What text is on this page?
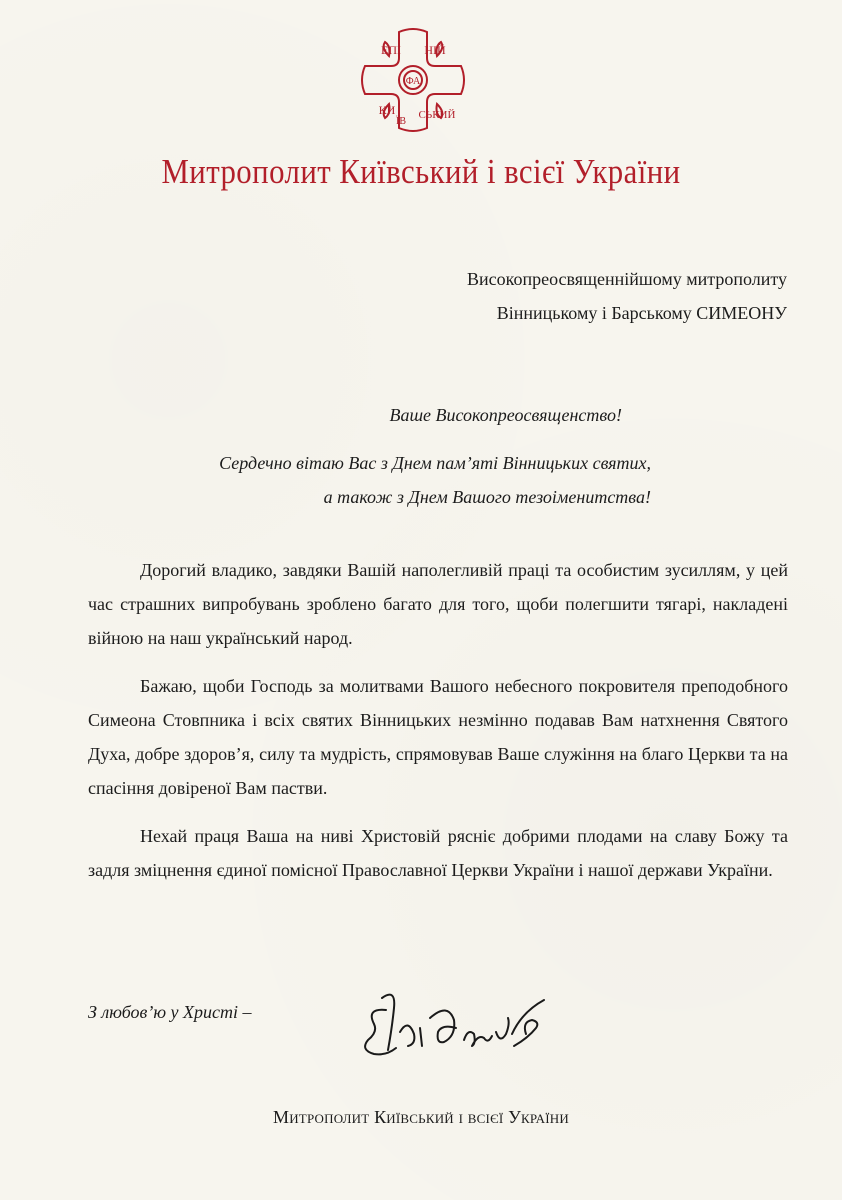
ЕПІ НІЙ
ФА
КИ
ЇВ
СЬКИЙ
Митрополит Київський і всієї України
Високопреосвященнійшому митрополиту
Вінницькому і Барському СИМЕОНУ
Ваше Високопреосвященство!
Сердечно вітаю Вас з Днем пам’яті Вінницьких святих,
а також з Днем Вашого тезоіменитства!

Дорогий владико, завдяки Вашій наполегливій праці та особистим зусиллям, у цей час страшних випробувань зроблено багато для того, щоби полегшити тягарі, накладені війною на наш український народ.

Бажаю, щоби Господь за молитвами Вашого небесного покровителя преподобного Симеона Стовпника і всіх святих Вінницьких незмінно подавав Вам натхнення Святого Духа, добре здоров’я, силу та мудрість, спрямовував Ваше служіння на благо Церкви та на спасіння довіреної Вам пастви.

Нехай праця Ваша на ниві Христовій рясніє добрими плодами на славу Божу та задля зміцнення єдиної помісної Православної Церкви України і нашої держави України.

З любов’ю у Христі –
Митрополит Київський і всієї України
